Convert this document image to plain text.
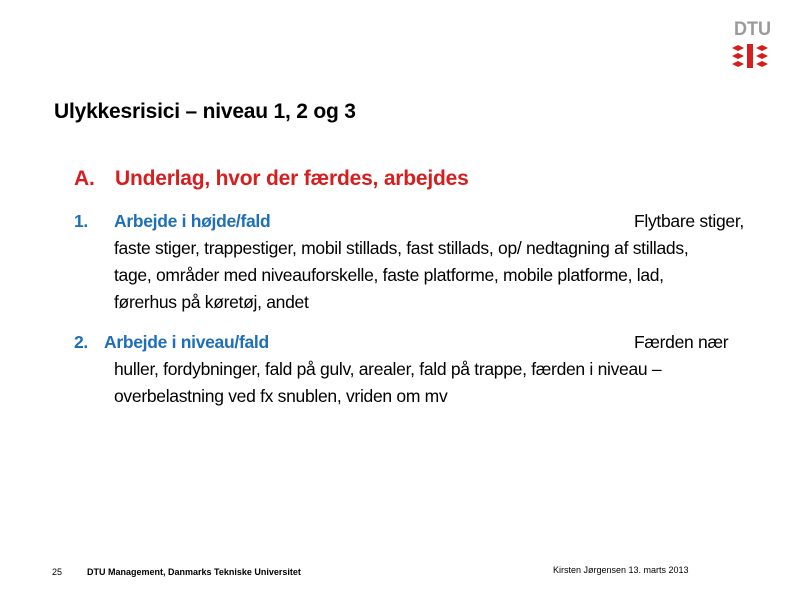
DTU
Ulykkesrisici – niveau 1, 2 og 3
A. Underlag, hvor der færdes, arbejdes
1. Arbejde i højde/fald	Flytbare stiger,
faste stiger, trappestiger, mobil stillads, fast stillads, op/ nedtagning af stillads,
tage, områder med niveauforskelle, faste platforme, mobile platforme, lad,
førerhus på køretøj, andet
2. Arbejde i niveau/fald	Færden nær
huller, fordybninger, fald på gulv, arealer, fald på trappe, færden i niveau –
overbelastning ved fx snublen, vriden om mv
25	DTU Management, Danmarks Tekniske Universitet	Kirsten Jørgensen 13. marts 2013
